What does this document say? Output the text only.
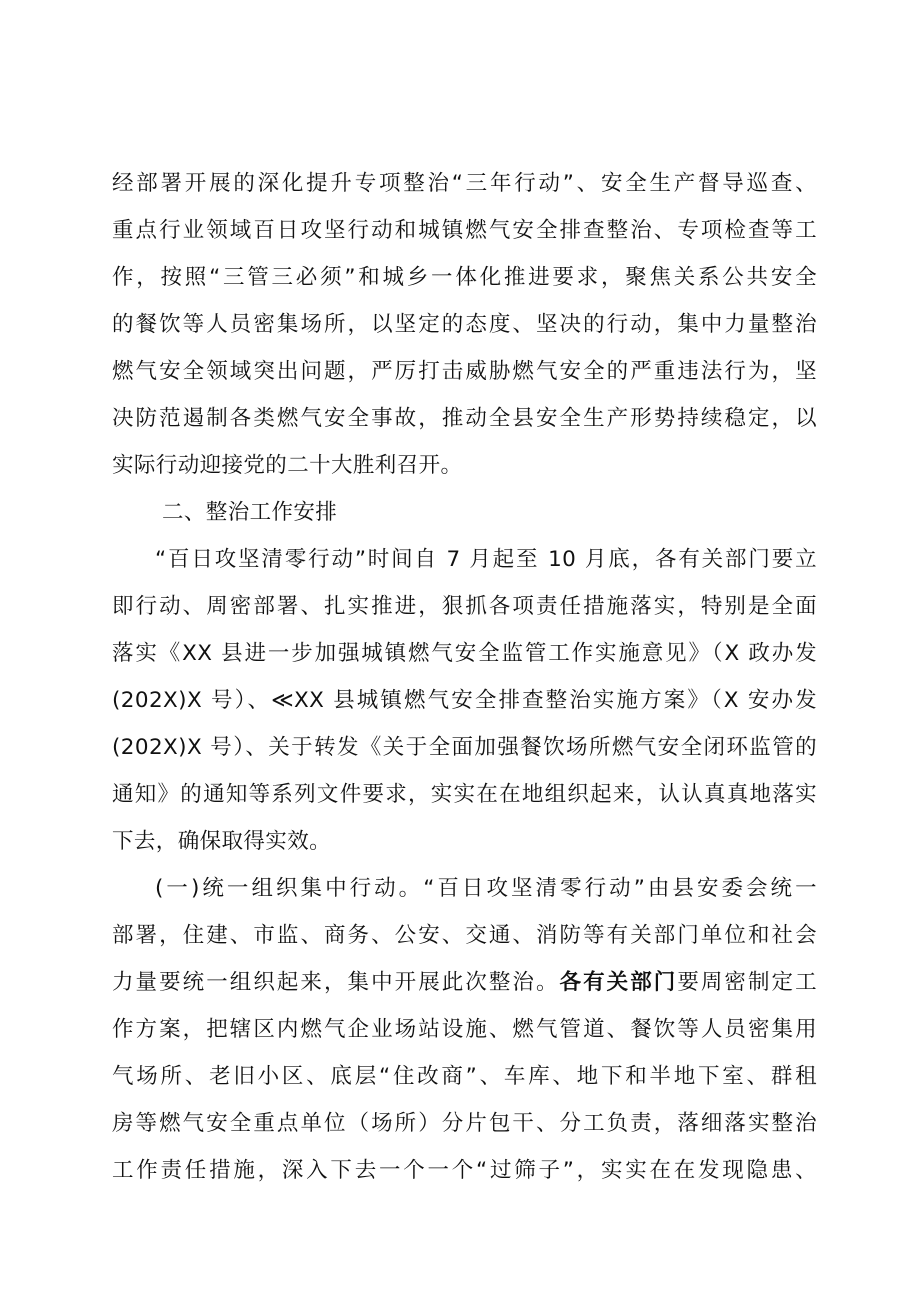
经部署开展的深化提升专项整治“三年行动”、安全生产督导巡查、
重点行业领域百日攻坚行动和城镇燃气安全排查整治、专项检查等工
作，按照“三管三必须”和城乡一体化推进要求，聚焦关系公共安全
的餐饮等人员密集场所，以坚定的态度、坚决的行动，集中力量整治
燃气安全领域突出问题，严厉打击威胁燃气安全的严重违法行为，坚
决防范遏制各类燃气安全事故，推动全县安全生产形势持续稳定，以
实际行动迎接党的二十大胜利召开。
二、整治工作安排
“百日攻坚清零行动”时间自 7 月起至 10 月底，各有关部门要立
即行动、周密部署、扎实推进，狠抓各项责任措施落实，特别是全面
落实《XX 县进一步加强城镇燃气安全监管工作实施意见》（X 政办发
(202X)X 号）、≪XX 县城镇燃气安全排查整治实施方案》（X 安办发
(202X)X 号）、关于转发《关于全面加强餐饮场所燃气安全闭环监管的
通知》的通知等系列文件要求，实实在在地组织起来，认认真真地落实
下去，确保取得实效。
(一)统一组织集中行动。“百日攻坚清零行动”由县安委会统一
部署，住建、市监、商务、公安、交通、消防等有关部门单位和社会
力量要统一组织起来，集中开展此次整治。各有关部门要周密制定工
作方案，把辖区内燃气企业场站设施、燃气管道、餐饮等人员密集用
气场所、老旧小区、底层“住改商”、车库、地下和半地下室、群租
房等燃气安全重点单位（场所）分片包干、分工负责，落细落实整治
工作责任措施，深入下去一个一个“过筛子”，实实在在发现隐患、
